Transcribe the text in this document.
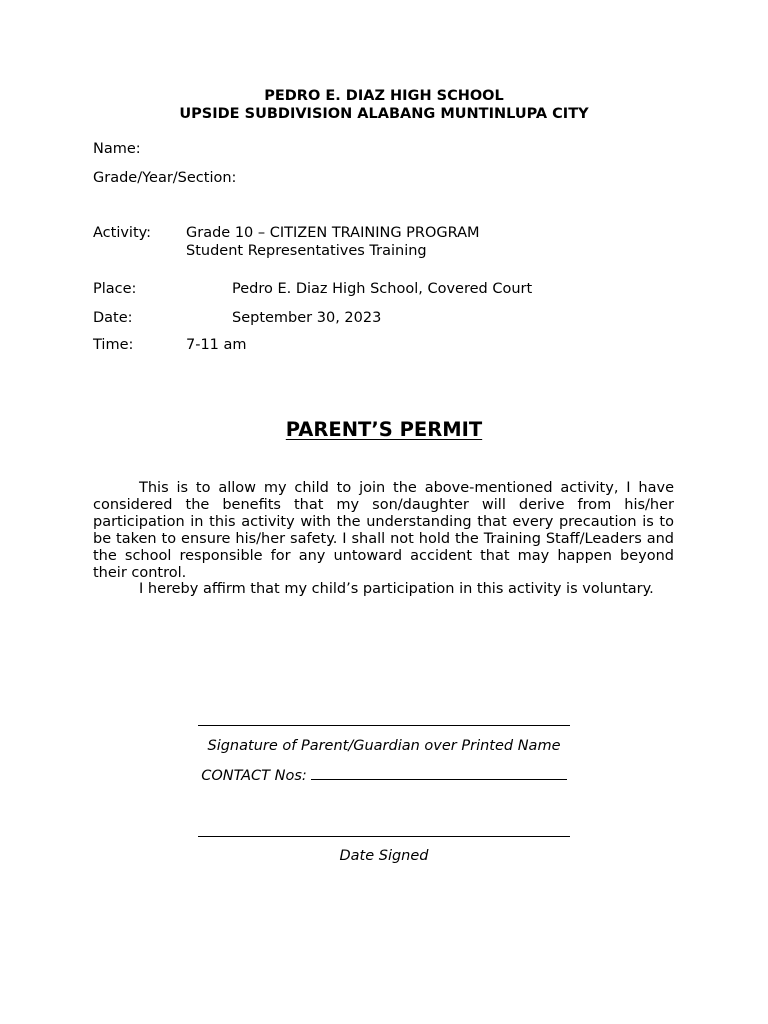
PEDRO E. DIAZ HIGH SCHOOL
UPSIDE SUBDIVISION ALABANG MUNTINLUPA CITY
Name:
Grade/Year/Section:
Activity: Grade 10 – CITIZEN TRAINING PROGRAM
Student Representatives Training
Place:	Pedro E. Diaz High School, Covered Court
Date:	September 30, 2023
Time:	7-11 am
PARENT’S PERMIT

This is to allow my child to join the above-mentioned activity, I have considered the benefits that my son/daughter will derive from his/her participation in this activity with the understanding that every precaution is to be taken to ensure his/her safety. I shall not hold the Training Staff/Leaders and the school responsible for any untoward accident that may happen beyond their control.

I hereby affirm that my child’s participation in this activity is voluntary.

Signature of Parent/Guardian over Printed Name
CONTACT Nos:
Date Signed
